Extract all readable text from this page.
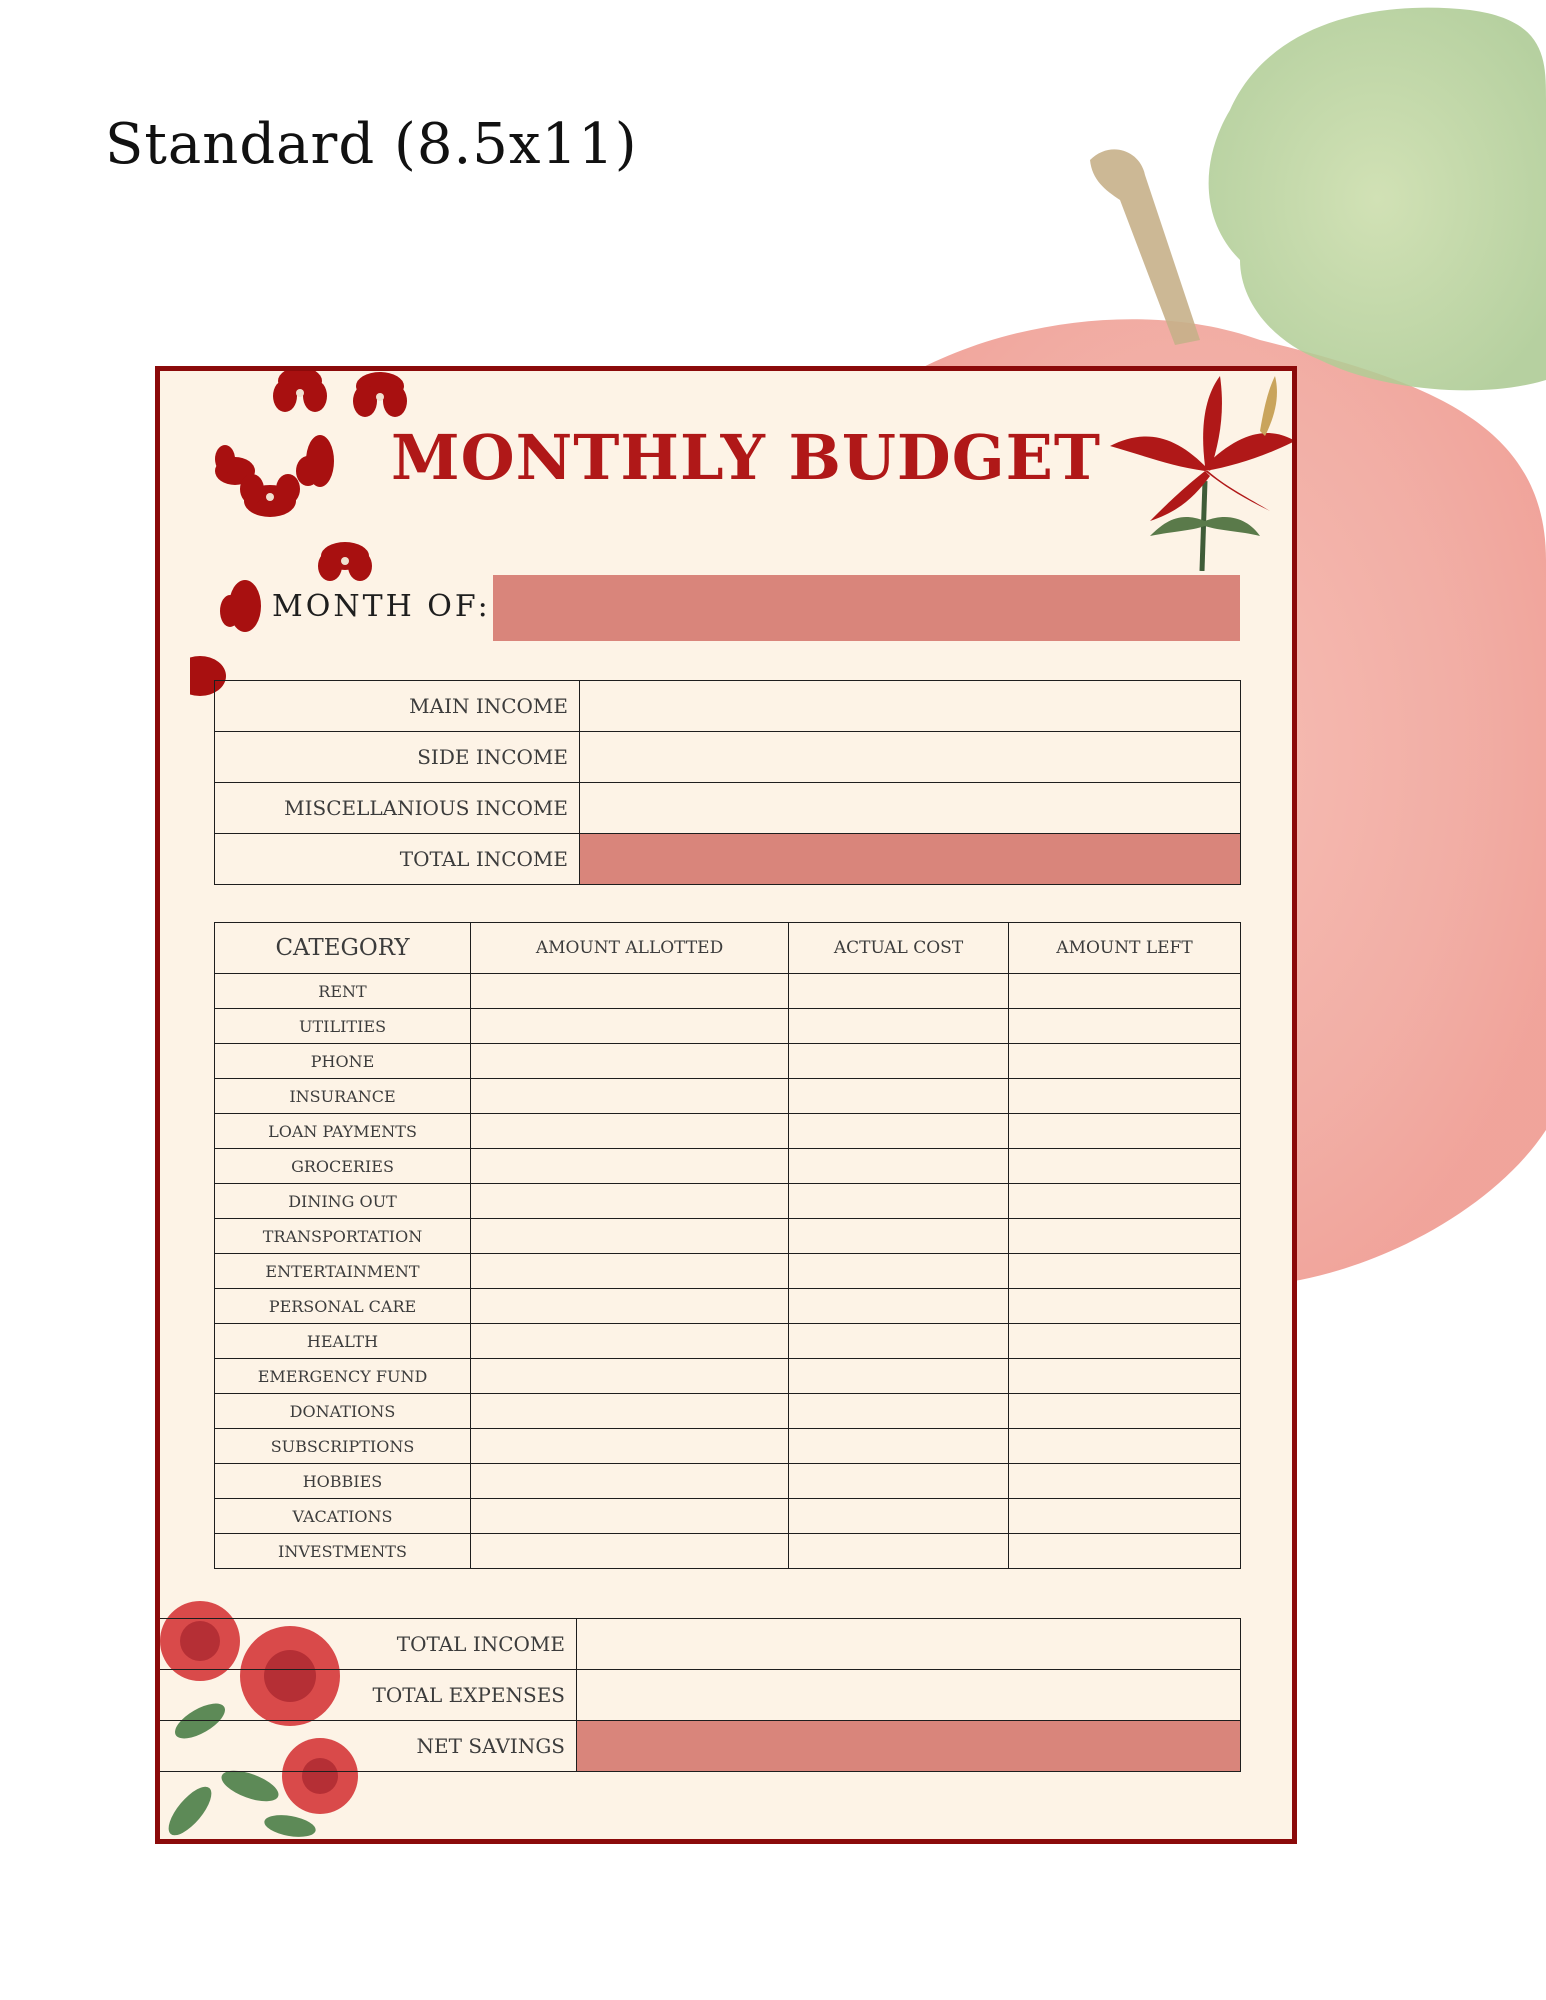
Standard (8.5x11)
MONTHLY BUDGET
MONTH OF:
MAIN INCOME	
SIDE INCOME	
MISCELLANIOUS INCOME	
TOTAL INCOME	
CATEGORY	AMOUNT ALLOTTED	ACTUAL COST	AMOUNT LEFT
RENT			
UTILITIES			
PHONE			
INSURANCE			
LOAN PAYMENTS			
GROCERIES			
DINING OUT			
TRANSPORTATION			
ENTERTAINMENT			
PERSONAL CARE			
HEALTH			
EMERGENCY FUND			
DONATIONS			
SUBSCRIPTIONS			
HOBBIES			
VACATIONS			
INVESTMENTS			
TOTAL INCOME	
TOTAL EXPENSES	
NET SAVINGS	
